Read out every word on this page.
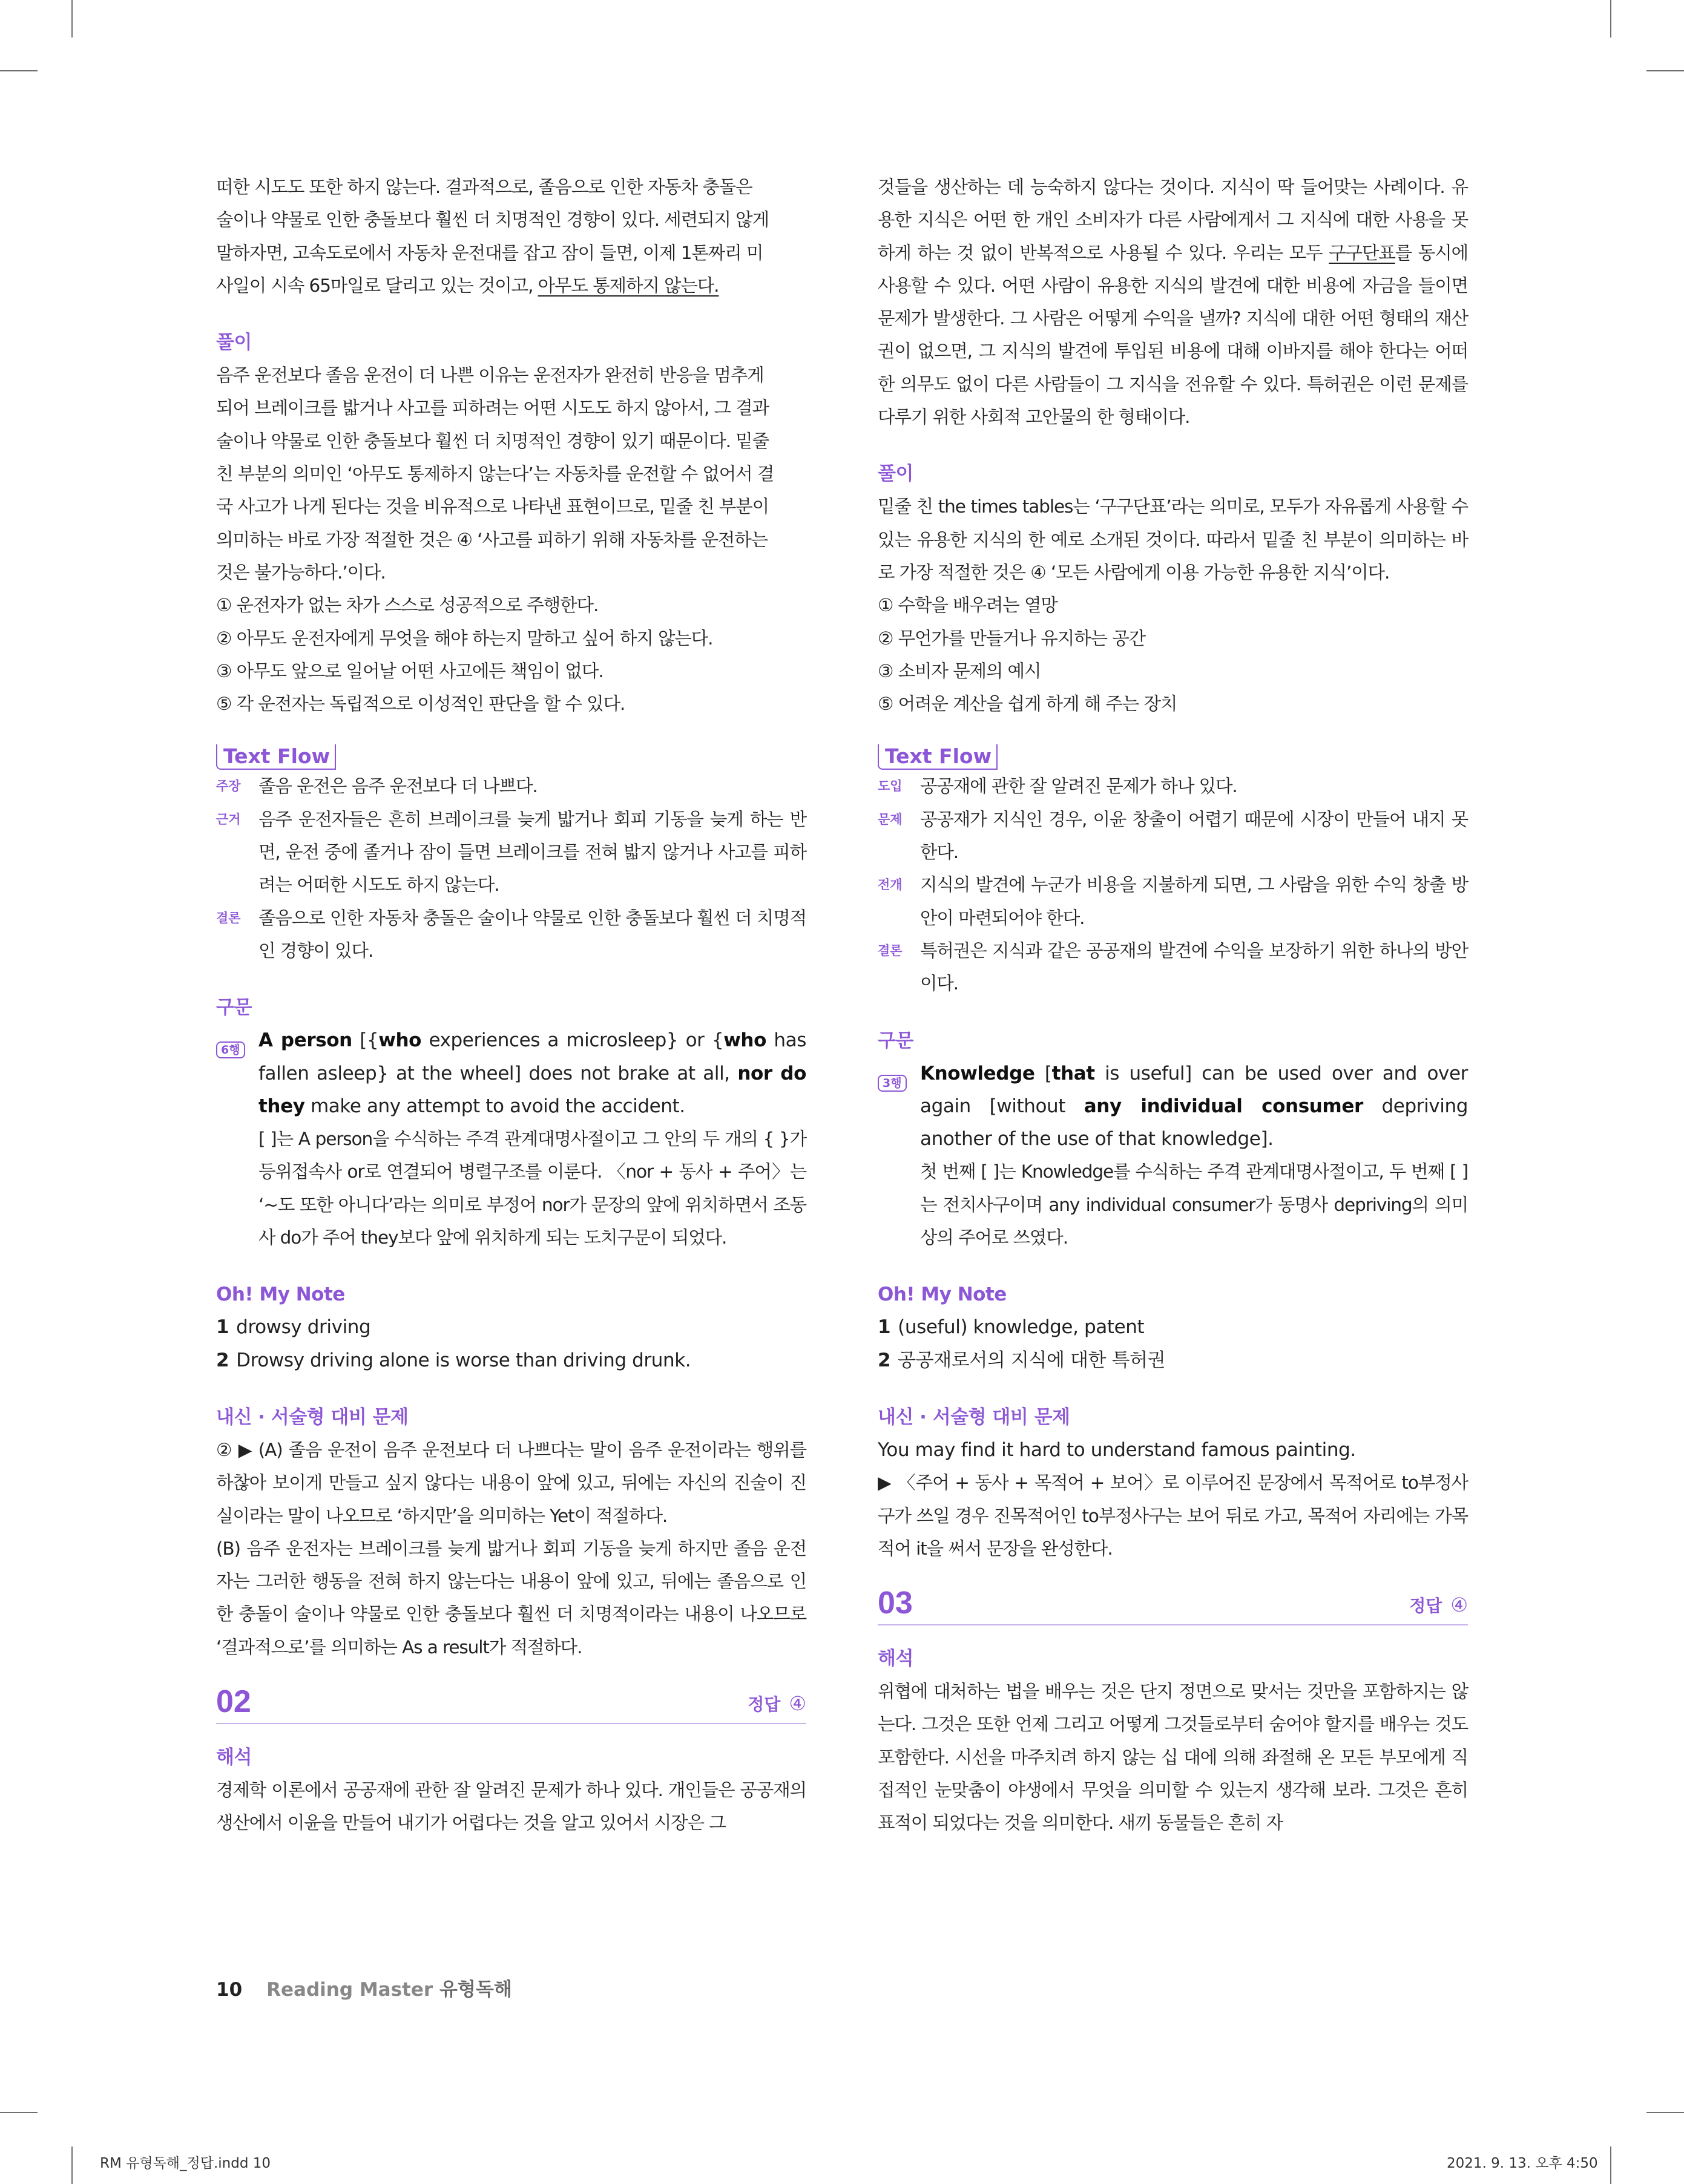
떠한 시도도 또한 하지 않는다. 결과적으로, 졸음으로 인한 자동차 충돌은

술이나 약물로 인한 충돌보다 훨씬 더 치명적인 경향이 있다. 세련되지 않게

말하자면, 고속도로에서 자동차 운전대를 잡고 잠이 들면, 이제 1톤짜리 미

사일이 시속 65마일로 달리고 있는 것이고, 아무도 통제하지 않는다.

풀이

음주 운전보다 졸음 운전이 더 나쁜 이유는 운전자가 완전히 반응을 멈추게

되어 브레이크를 밟거나 사고를 피하려는 어떤 시도도 하지 않아서, 그 결과

술이나 약물로 인한 충돌보다 훨씬 더 치명적인 경향이 있기 때문이다. 밑줄

친 부분의 의미인 ‘아무도 통제하지 않는다’는 자동차를 운전할 수 없어서 결

국 사고가 나게 된다는 것을 비유적으로 나타낸 표현이므로, 밑줄 친 부분이

의미하는 바로 가장 적절한 것은 ④ ‘사고를 피하기 위해 자동차를 운전하는

것은 불가능하다.’이다.

① 운전자가 없는 차가 스스로 성공적으로 주행한다.

② 아무도 운전자에게 무엇을 해야 하는지 말하고 싶어 하지 않는다.

③ 아무도 앞으로 일어날 어떤 사고에든 책임이 없다.

⑤ 각 운전자는 독립적으로 이성적인 판단을 할 수 있다.

Text Flow
주장 졸음 운전은 음주 운전보다 더 나쁘다.
근거 음주 운전자들은 흔히 브레이크를 늦게 밟거나 회피 기동을 늦게 하는 반면, 운전 중에 졸거나 잠이 들면 브레이크를 전혀 밟지 않거나 사고를 피하려는 어떠한 시도도 하지 않는다.
결론 졸음으로 인한 자동차 충돌은 술이나 약물로 인한 충돌보다 훨씬 더 치명적인 경향이 있다.

구문

6행 A person [{who experiences a microsleep} or {who has fallen asleep} at the wheel] does not brake at all, nor do they make any attempt to avoid the accident.
[ ]는 A person을 수식하는 주격 관계대명사절이고 그 안의 두 개의 { }가 등위접속사 or로 연결되어 병렬구조를 이룬다. 〈nor + 동사 + 주어〉는 ‘~도 또한 아니다’라는 의미로 부정어 nor가 문장의 앞에 위치하면서 조동사 do가 주어 they보다 앞에 위치하게 되는 도치구문이 되었다.

Oh! My Note

1 drowsy driving
2 Drowsy driving alone is worse than driving drunk.

내신 · 서술형 대비 문제

② ▶ (A) 졸음 운전이 음주 운전보다 더 나쁘다는 말이 음주 운전이라는 행위를 하찮아 보이게 만들고 싶지 않다는 내용이 앞에 있고, 뒤에는 자신의 진술이 진실이라는 말이 나오므로 ‘하지만’을 의미하는 Yet이 적절하다.

(B) 음주 운전자는 브레이크를 늦게 밟거나 회피 기동을 늦게 하지만 졸음 운전자는 그러한 행동을 전혀 하지 않는다는 내용이 앞에 있고, 뒤에는 졸음으로 인한 충돌이 술이나 약물로 인한 충돌보다 훨씬 더 치명적이라는 내용이 나오므로 ‘결과적으로’를 의미하는 As a result가 적절하다.

02	정답 ④

해석

경제학 이론에서 공공재에 관한 잘 알려진 문제가 하나 있다. 개인들은 공공재의 생산에서 이윤을 만들어 내기가 어렵다는 것을 알고 있어서 시장은 그

것들을 생산하는 데 능숙하지 않다는 것이다. 지식이 딱 들어맞는 사례이다. 유용한 지식은 어떤 한 개인 소비자가 다른 사람에게서 그 지식에 대한 사용을 못하게 하는 것 없이 반복적으로 사용될 수 있다. 우리는 모두 구구단표를 동시에 사용할 수 있다. 어떤 사람이 유용한 지식의 발견에 대한 비용에 자금을 들이면 문제가 발생한다. 그 사람은 어떻게 수익을 낼까? 지식에 대한 어떤 형태의 재산권이 없으면, 그 지식의 발견에 투입된 비용에 대해 이바지를 해야 한다는 어떠한 의무도 없이 다른 사람들이 그 지식을 전유할 수 있다. 특허권은 이런 문제를 다루기 위한 사회적 고안물의 한 형태이다.

풀이

밑줄 친 the times tables는 ‘구구단표’라는 의미로, 모두가 자유롭게 사용할 수 있는 유용한 지식의 한 예로 소개된 것이다. 따라서 밑줄 친 부분이 의미하는 바로 가장 적절한 것은 ④ ‘모든 사람에게 이용 가능한 유용한 지식’이다.

① 수학을 배우려는 열망

② 무언가를 만들거나 유지하는 공간

③ 소비자 문제의 예시

⑤ 어려운 계산을 쉽게 하게 해 주는 장치

Text Flow
도입 공공재에 관한 잘 알려진 문제가 하나 있다.
문제 공공재가 지식인 경우, 이윤 창출이 어렵기 때문에 시장이 만들어 내지 못한다.
전개 지식의 발견에 누군가 비용을 지불하게 되면, 그 사람을 위한 수익 창출 방안이 마련되어야 한다.
결론 특허권은 지식과 같은 공공재의 발견에 수익을 보장하기 위한 하나의 방안이다.

구문

3행 Knowledge [that is useful] can be used over and over again [without any individual consumer depriving another of the use of that knowledge].
첫 번째 [ ]는 Knowledge를 수식하는 주격 관계대명사절이고, 두 번째 [ ]는 전치사구이며 any individual consumer가 동명사 depriving의 의미상의 주어로 쓰였다.

Oh! My Note

1 (useful) knowledge, patent
2 공공재로서의 지식에 대한 특허권

내신 · 서술형 대비 문제

You may find it hard to understand famous painting.

▶ 〈주어 + 동사 + 목적어 + 보어〉로 이루어진 문장에서 목적어로 to부정사구가 쓰일 경우 진목적어인 to부정사구는 보어 뒤로 가고, 목적어 자리에는 가목적어 it을 써서 문장을 완성한다.

03	정답 ④

해석

위협에 대처하는 법을 배우는 것은 단지 정면으로 맞서는 것만을 포함하지는 않는다. 그것은 또한 언제 그리고 어떻게 그것들로부터 숨어야 할지를 배우는 것도 포함한다. 시선을 마주치려 하지 않는 십 대에 의해 좌절해 온 모든 부모에게 직접적인 눈맞춤이 야생에서 무엇을 의미할 수 있는지 생각해 보라. 그것은 흔히 표적이 되었다는 것을 의미한다. 새끼 동물들은 흔히 자

10 Reading Master 유형독해
RM 유형독해_정답.indd 10	2021. 9. 13. 오후 4:50
